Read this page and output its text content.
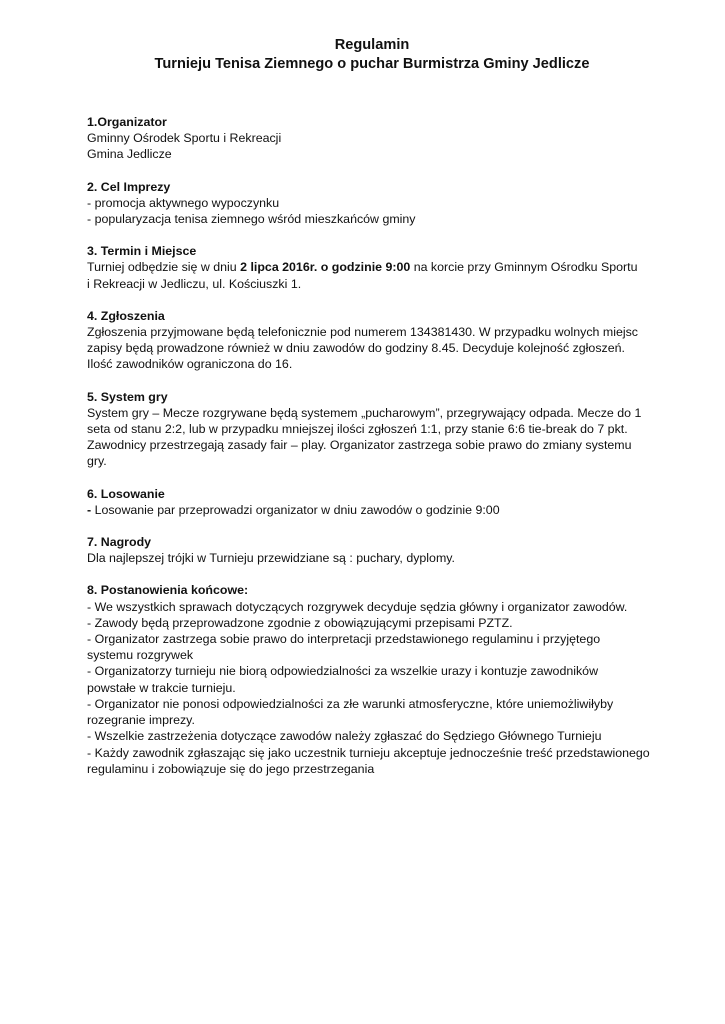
Regulamin

Turnieju Tenisa Ziemnego o puchar Burmistrza Gminy Jedlicze

1.Organizator

Gminny Ośrodek Sportu i Rekreacji

Gmina Jedlicze

2. Cel Imprezy

- promocja aktywnego wypoczynku

- popularyzacja tenisa ziemnego wśród mieszkańców gminy

3. Termin i Miejsce

Turniej odbędzie się w dniu 2 lipca 2016r. o godzinie 9:00 na korcie przy Gminnym Ośrodku Sportu

i Rekreacji w Jedliczu, ul. Kościuszki 1.

4. Zgłoszenia

Zgłoszenia przyjmowane będą telefonicznie pod numerem 134381430. W przypadku wolnych miejsc

zapisy będą prowadzone również w dniu zawodów do godziny 8.45. Decyduje kolejność zgłoszeń.

Ilość zawodników ograniczona do 16.

5. System gry

System gry – Mecze rozgrywane będą systemem „pucharowym”, przegrywający odpada. Mecze do 1

seta od stanu 2:2, lub w przypadku mniejszej ilości zgłoszeń 1:1, przy stanie 6:6 tie-break do 7 pkt.

Zawodnicy przestrzegają zasady fair – play. Organizator zastrzega sobie prawo do zmiany systemu

gry.

6. Losowanie

- Losowanie par przeprowadzi organizator w dniu zawodów o godzinie 9:00

7. Nagrody

Dla najlepszej trójki w Turnieju przewidziane są : puchary, dyplomy.

8. Postanowienia końcowe:

- We wszystkich sprawach dotyczących rozgrywek decyduje sędzia główny i organizator zawodów.

- Zawody będą przeprowadzone zgodnie z obowiązującymi przepisami PZTZ.

- Organizator zastrzega sobie prawo do interpretacji przedstawionego regulaminu i przyjętego

systemu rozgrywek

- Organizatorzy turnieju nie biorą odpowiedzialności za wszelkie urazy i kontuzje zawodników

powstałe w trakcie turnieju.

- Organizator nie ponosi odpowiedzialności za złe warunki atmosferyczne, które uniemożliwiłyby

rozegranie imprezy.

- Wszelkie zastrzeżenia dotyczące zawodów należy zgłaszać do Sędziego Głównego Turnieju

- Każdy zawodnik zgłaszając się jako uczestnik turnieju akceptuje jednocześnie treść przedstawionego

regulaminu i zobowiązuje się do jego przestrzegania
